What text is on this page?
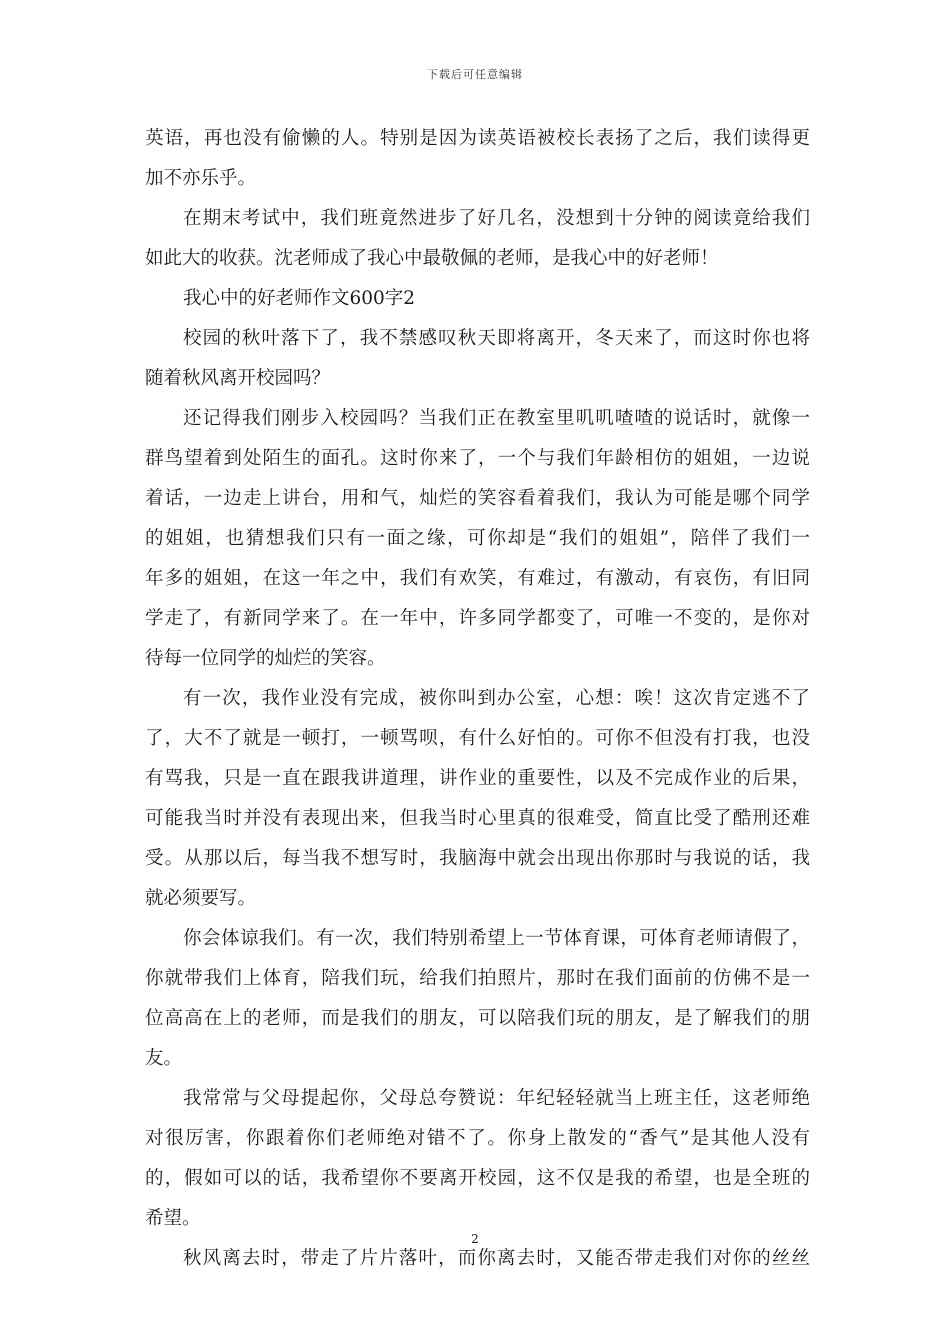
下载后可任意编辑
英语，再也没有偷懒的人。特别是因为读英语被校长表扬了之后，我们读得更
加不亦乐乎。
在期末考试中，我们班竟然进步了好几名，没想到十分钟的阅读竟给我们
如此大的收获。沈老师成了我心中最敬佩的老师，是我心中的好老师！
我心中的好老师作文600字2
校园的秋叶落下了，我不禁感叹秋天即将离开，冬天来了，而这时你也将
随着秋风离开校园吗？
还记得我们刚步入校园吗？当我们正在教室里叽叽喳喳的说话时，就像一
群鸟望着到处陌生的面孔。这时你来了，一个与我们年龄相仿的姐姐，一边说
着话，一边走上讲台，用和气，灿烂的笑容看着我们，我认为可能是哪个同学
的姐姐，也猜想我们只有一面之缘，可你却是“我们的姐姐”，陪伴了我们一
年多的姐姐，在这一年之中，我们有欢笑，有难过，有激动，有哀伤，有旧同
学走了，有新同学来了。在一年中，许多同学都变了，可唯一不变的，是你对
待每一位同学的灿烂的笑容。
有一次，我作业没有完成，被你叫到办公室，心想：唉！这次肯定逃不了
了，大不了就是一顿打，一顿骂呗，有什么好怕的。可你不但没有打我，也没
有骂我，只是一直在跟我讲道理，讲作业的重要性，以及不完成作业的后果，
可能我当时并没有表现出来，但我当时心里真的很难受，简直比受了酷刑还难
受。从那以后，每当我不想写时，我脑海中就会出现出你那时与我说的话，我
就必须要写。
你会体谅我们。有一次，我们特别希望上一节体育课，可体育老师请假了，
你就带我们上体育，陪我们玩，给我们拍照片，那时在我们面前的仿佛不是一
位高高在上的老师，而是我们的朋友，可以陪我们玩的朋友，是了解我们的朋
友。
我常常与父母提起你，父母总夸赞说：年纪轻轻就当上班主任，这老师绝
对很厉害，你跟着你们老师绝对错不了。你身上散发的“香气”是其他人没有
的，假如可以的话，我希望你不要离开校园，这不仅是我的希望，也是全班的
希望。
秋风离去时，带走了片片落叶，而你离去时，又能否带走我们对你的丝丝
2
